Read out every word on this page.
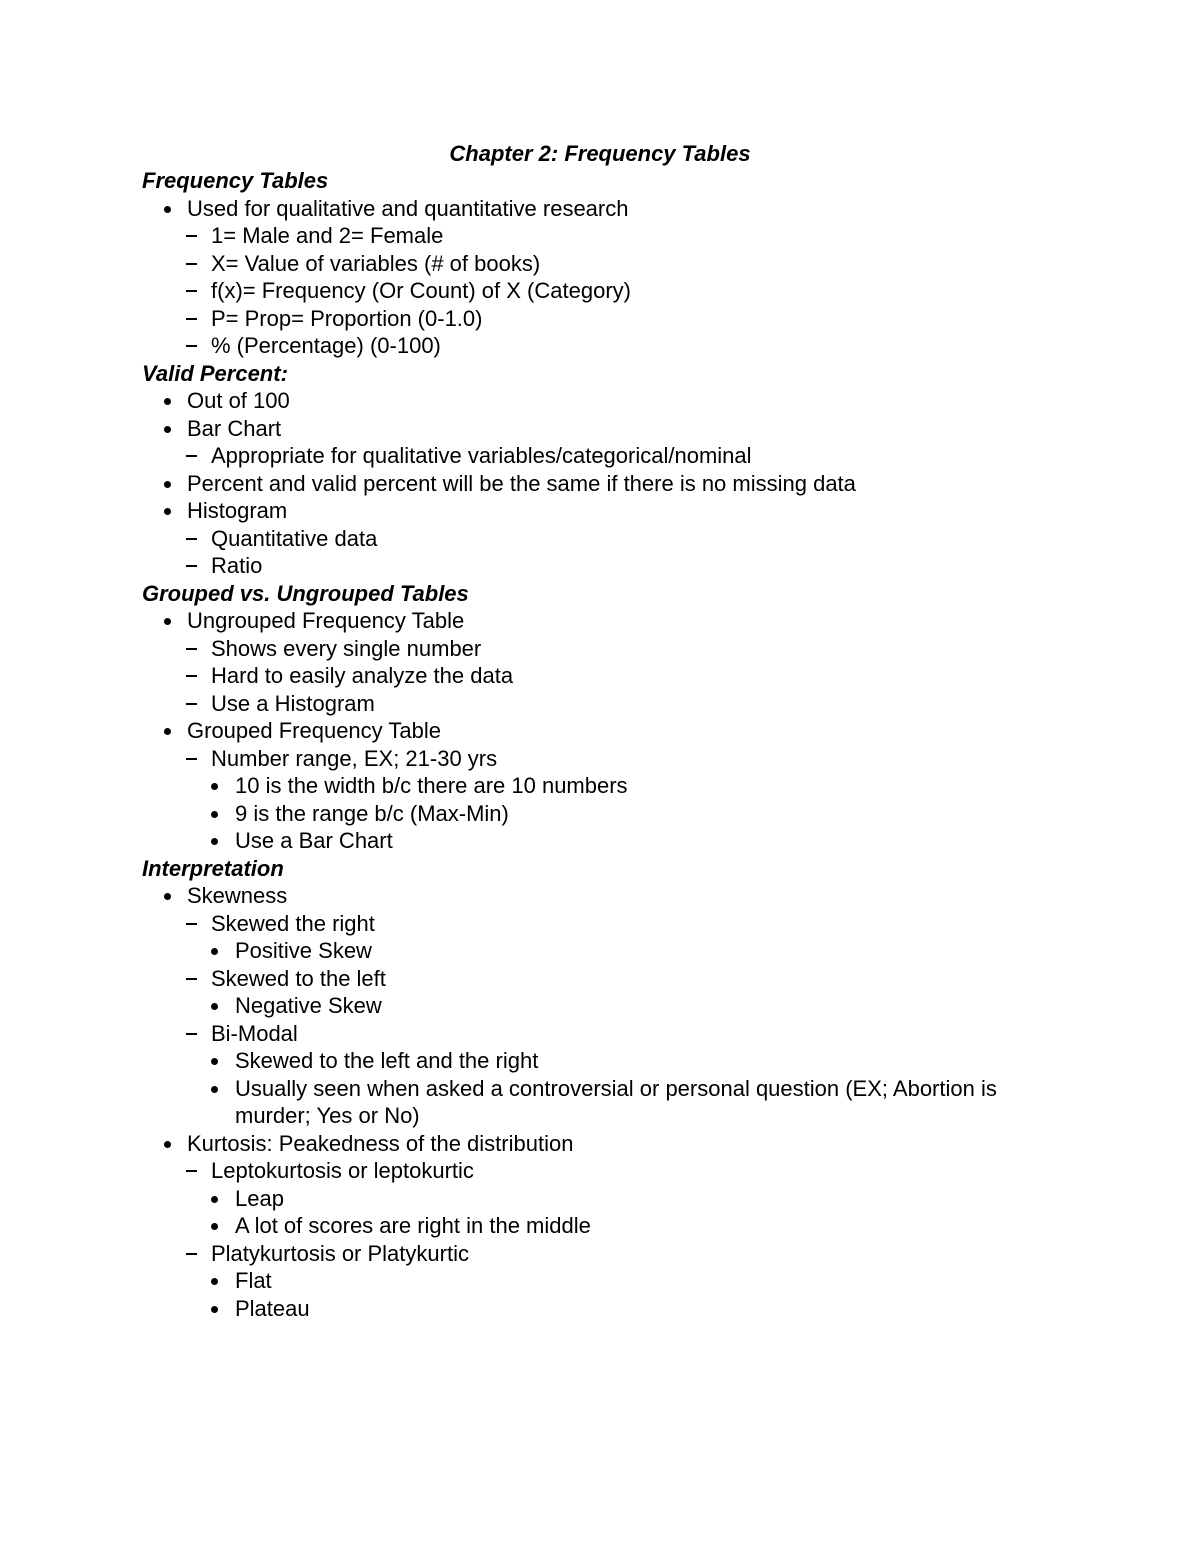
Chapter 2: Frequency Tables
Frequency Tables
Used for qualitative and quantitative research
1= Male and 2= Female
X= Value of variables (# of books)
f(x)= Frequency (Or Count) of X (Category)
P= Prop= Proportion (0-1.0)
% (Percentage) (0-100)
Valid Percent:
Out of 100
Bar Chart
Appropriate for qualitative variables/categorical/nominal
Percent and valid percent will be the same if there is no missing data
Histogram
Quantitative data
Ratio
Grouped vs. Ungrouped Tables
Ungrouped Frequency Table
Shows every single number
Hard to easily analyze the data
Use a Histogram
Grouped Frequency Table
Number range, EX; 21-30 yrs
10 is the width b/c there are 10 numbers
9 is the range b/c (Max-Min)
Use a Bar Chart
Interpretation
Skewness
Skewed the right
Positive Skew
Skewed to the left
Negative Skew
Bi-Modal
Skewed to the left and the right
Usually seen when asked a controversial or personal question (EX; Abortion is
murder; Yes or No)
Kurtosis: Peakedness of the distribution
Leptokurtosis or leptokurtic
Leap
A lot of scores are right in the middle
Platykurtosis or Platykurtic
Flat
Plateau
